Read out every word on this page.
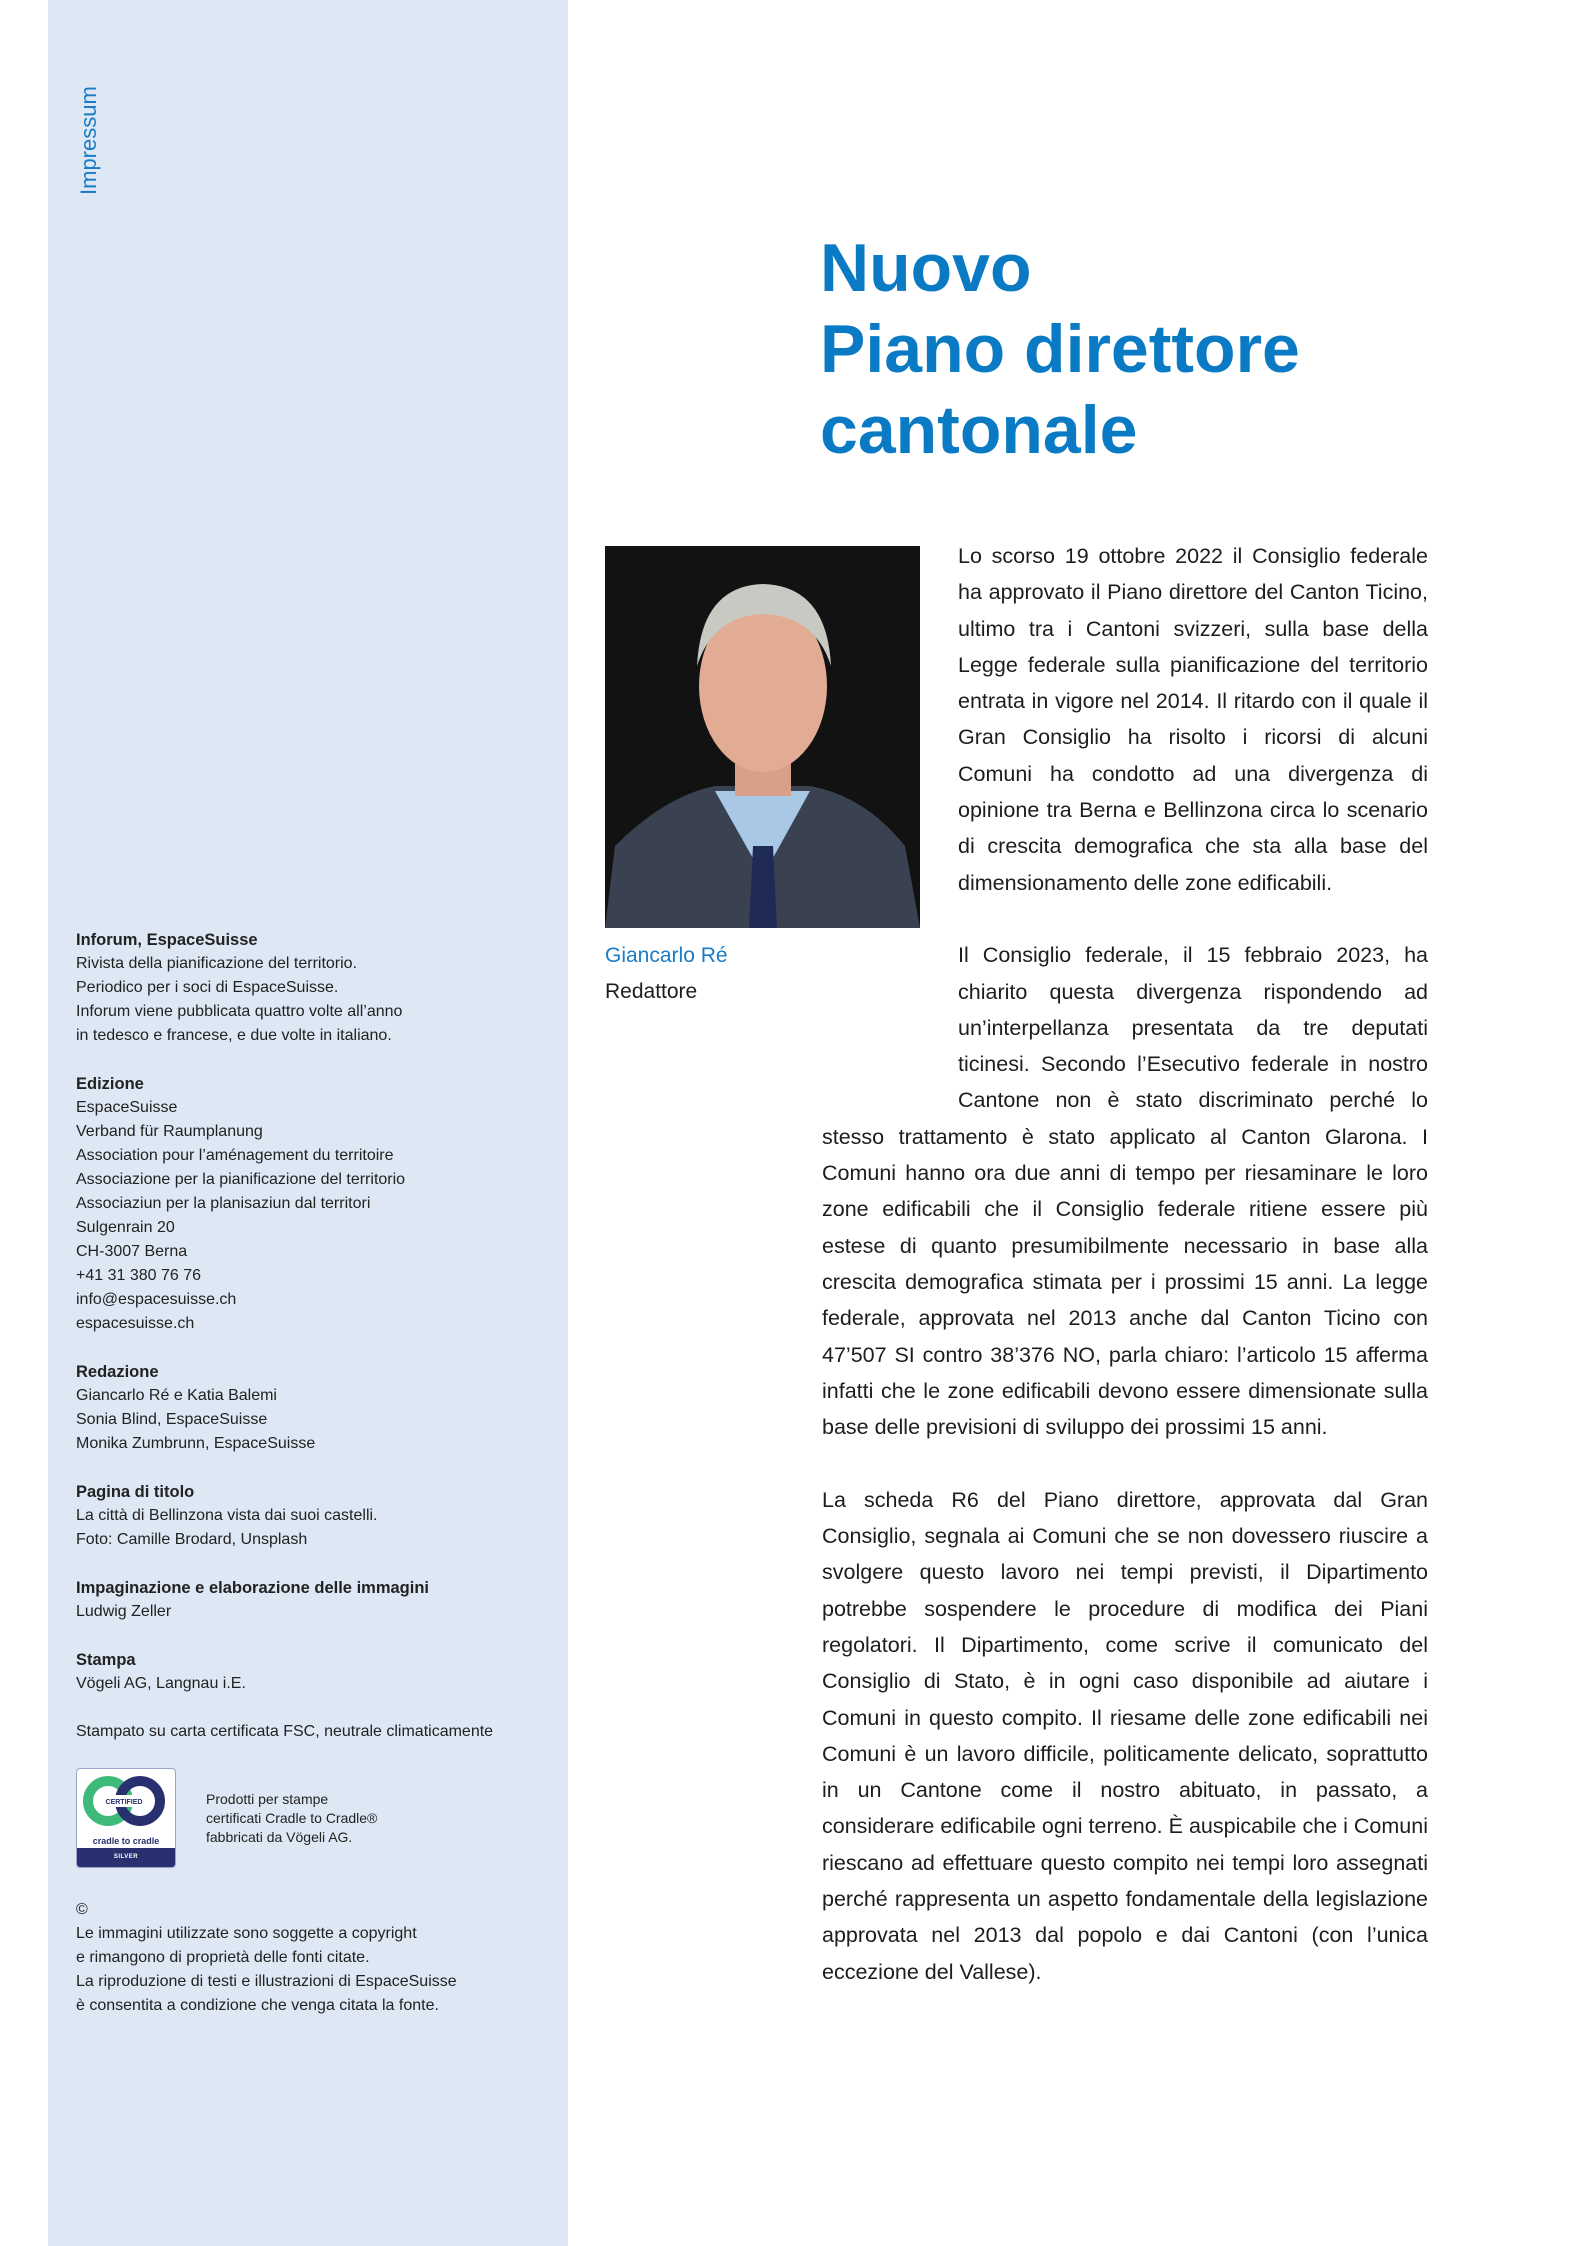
Impressum
Inforum, EspaceSuisse
Rivista della pianificazione del territorio.
Periodico per i soci di EspaceSuisse.
Inforum viene pubblicata quattro volte all’anno
in tedesco e francese, e due volte in italiano.
Edizione
EspaceSuisse
Verband für Raumplanung
Association pour l’aménagement du territoire
Associazione per la pianificazione del territorio
Associaziun per la planisaziun dal territori
Sulgenrain 20
CH-3007 Berna
+41 31 380 76 76
info@espacesuisse.ch
espacesuisse.ch
Redazione
Giancarlo Ré e Katia Balemi
Sonia Blind, EspaceSuisse
Monika Zumbrunn, EspaceSuisse
Pagina di titolo
La città di Bellinzona vista dai suoi castelli.
Foto: Camille Brodard, Unsplash
Impaginazione e elaborazione delle immagini
Ludwig Zeller
Stampa
Vögeli AG, Langnau i.E.
Stampato su carta certificata FSC, neutrale climaticamente
CERTIFIED
cradle to cradle
SILVER
Prodotti per stampe
certificati Cradle to Cradle®
fabbricati da Vögeli AG.
©
Le immagini utilizzate sono soggette a copyright
e rimangono di proprietà delle fonti citate.
La riproduzione di testi e illustrazioni di EspaceSuisse
è consentita a condizione che venga citata la fonte.
Nuovo
Piano direttore
cantonale
Giancarlo Ré
Redattore

Lo scorso 19 ottobre 2022 il Consiglio federale ha approvato il Piano direttore del Canton Ticino, ultimo tra i Cantoni svizzeri, sulla base della Legge federale sulla pianificazione del territorio entrata in vigore nel 2014. Il ritardo con il quale il Gran Consiglio ha risolto i ricorsi di alcuni Comuni ha condotto ad una divergenza di opinione tra Berna e Bellinzona circa lo scenario di crescita demografica che sta alla base del dimensionamento delle zone edificabili.

Il Consiglio federale, il 15 febbraio 2023, ha chiarito questa divergenza rispondendo ad un’interpellanza presentata da tre deputati ticinesi. Secondo l’Esecutivo federale in nostro Cantone non è stato discriminato perché lo stesso trattamento è stato applicato al Canton Glarona. I Comuni hanno ora due anni di tempo per riesaminare le loro zone edificabili che il Consiglio federale ritiene essere più estese di quanto presumibilmente necessario in base alla crescita demografica stimata per i prossimi 15 anni. La legge federale, approvata nel 2013 anche dal Canton Ticino con 47’507 SI contro 38’376 NO, parla chiaro: l’articolo 15 afferma infatti che le zone edificabili devono essere dimensionate sulla base delle previsioni di sviluppo dei prossimi 15 anni.

La scheda R6 del Piano direttore, approvata dal Gran Consiglio, segnala ai Comuni che se non dovessero riuscire a svolgere questo lavoro nei tempi previsti, il Dipartimento potrebbe sospendere le procedure di modifica dei Piani regolatori. Il Dipartimento, come scrive il comunicato del Consiglio di Stato, è in ogni caso disponibile ad aiutare i Comuni in questo compito. Il riesame delle zone edificabili nei Comuni è un lavoro difficile, politicamente delicato, soprattutto in un Cantone come il nostro abituato, in passato, a considerare edificabile ogni terreno. È auspicabile che i Comuni riescano ad effettuare questo compito nei tempi loro assegnati perché rappresenta un aspetto fondamentale della legislazione approvata nel 2013 dal popolo e dai Cantoni (con l’unica eccezione del Vallese).
